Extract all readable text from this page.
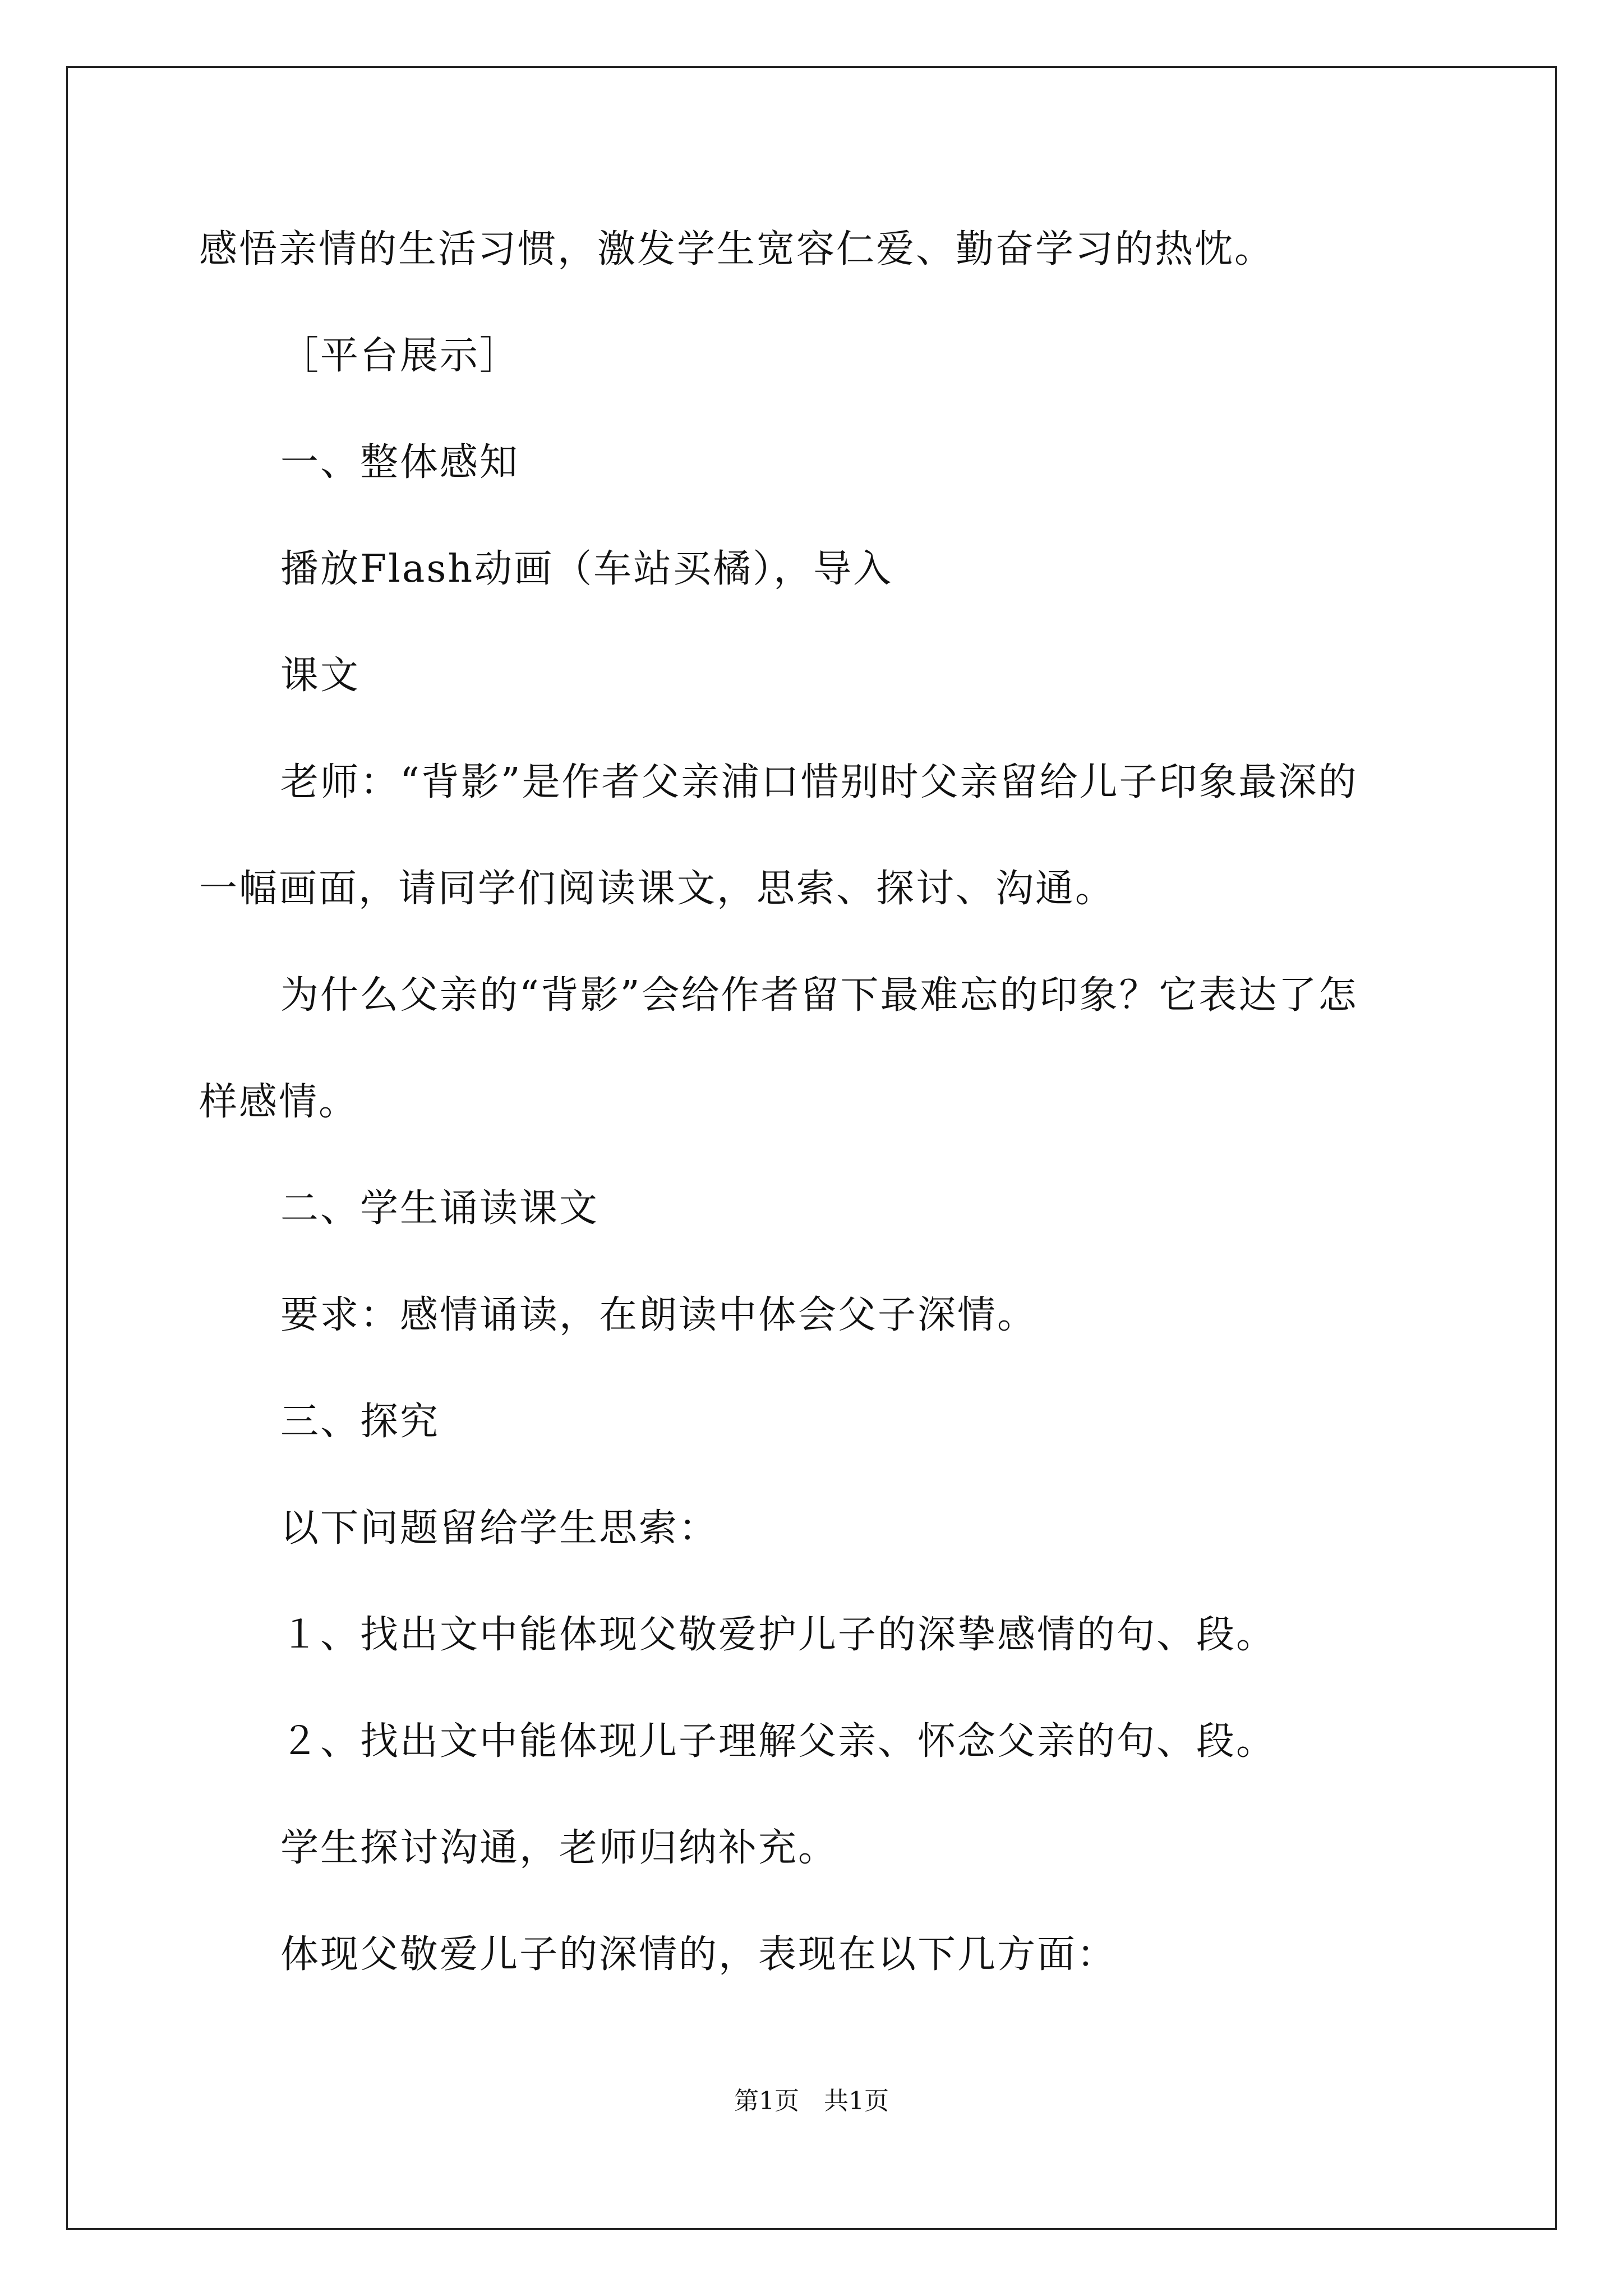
感悟亲情的生活习惯，激发学生宽容仁爱、勤奋学习的热忱。
［平台展示］
一、整体感知
播放Flash动画（车站买橘），导入
课文
老师：“背影”是作者父亲浦口惜别时父亲留给儿子印象最深的
一幅画面，请同学们阅读课文，思索、探讨、沟通。
为什么父亲的“背影”会给作者留下最难忘的印象？它表达了怎
样感情。
二、学生诵读课文
要求：感情诵读，在朗读中体会父子深情。
三、探究
以下问题留给学生思索：
１、找出文中能体现父敬爱护儿子的深挚感情的句、段。
２、找出文中能体现儿子理解父亲、怀念父亲的句、段。
学生探讨沟通，老师归纳补充。
体现父敬爱儿子的深情的，表现在以下几方面：
第1页　共1页
